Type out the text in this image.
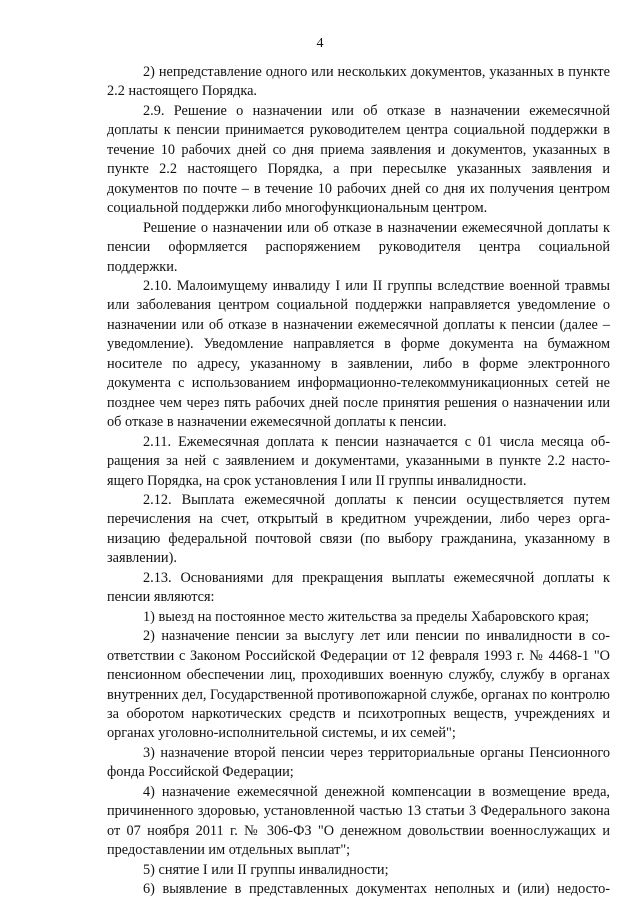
4

2) непредставление одного или нескольких документов, указанных в пункте 2.2 настоящего Порядка.

2.9. Решение о назначении или об отказе в назначении ежемесячной доплаты к пенсии принимается руководителем центра социальной поддержки в течение 10 рабочих дней со дня приема заявления и документов, указанных в пункте 2.2 настоящего Порядка, а при пересылке указанных заявления и документов по почте – в течение 10 рабочих дней со дня их получения центром социальной поддержки либо многофункциональным центром.

Решение о назначении или об отказе в назначении ежемесячной доплаты к пенсии оформляется распоряжением руководителя центра социальной поддержки.

2.10. Малоимущему инвалиду I или II группы вследствие военной травмы или заболевания центром социальной поддержки направляется уведомление о назначении или об отказе в назначении ежемесячной доплаты к пенсии (далее – уведомление). Уведомление направляется в форме документа на бумажном носителе по адресу, указанному в заявлении, либо в форме электронного документа с использованием информационно-телекоммуникационных сетей не позднее чем через пять рабочих дней после принятия решения о назначении или об отказе в назначении ежемесячной доплаты к пенсии.

2.11. Ежемесячная доплата к пенсии назначается с 01 числа месяца обращения за ней с заявлением и документами, указанными в пункте 2.2 настоящего Порядка, на срок установления I или II группы инвалидности.

2.12. Выплата ежемесячной доплаты к пенсии осуществляется путем перечисления на счет, открытый в кредитном учреждении, либо через организацию федеральной почтовой связи (по выбору гражданина, указанному в заявлении).

2.13. Основаниями для прекращения выплаты ежемесячной доплаты к пенсии являются:

1) выезд на постоянное место жительства за пределы Хабаровского края;

2) назначение пенсии за выслугу лет или пенсии по инвалидности в соответствии с Законом Российской Федерации от 12 февраля 1993 г. № 4468-1 "О пенсионном обеспечении лиц, проходивших военную службу, службу в органах внутренних дел, Государственной противопожарной службе, органах по контролю за оборотом наркотических средств и психотропных веществ, учреждениях и органах уголовно-исполнительной системы, и их семей";

3) назначение второй пенсии через территориальные органы Пенсионного фонда Российской Федерации;

4) назначение ежемесячной денежной компенсации в возмещение вреда, причиненного здоровью, установленной частью 13 статьи 3 Федерального закона от 07 ноября 2011 г. № 306-ФЗ "О денежном довольствии военнослужащих и предоставлении им отдельных выплат";

5) снятие I или II группы инвалидности;

6) выявление в представленных документах неполных и (или) недосто-
